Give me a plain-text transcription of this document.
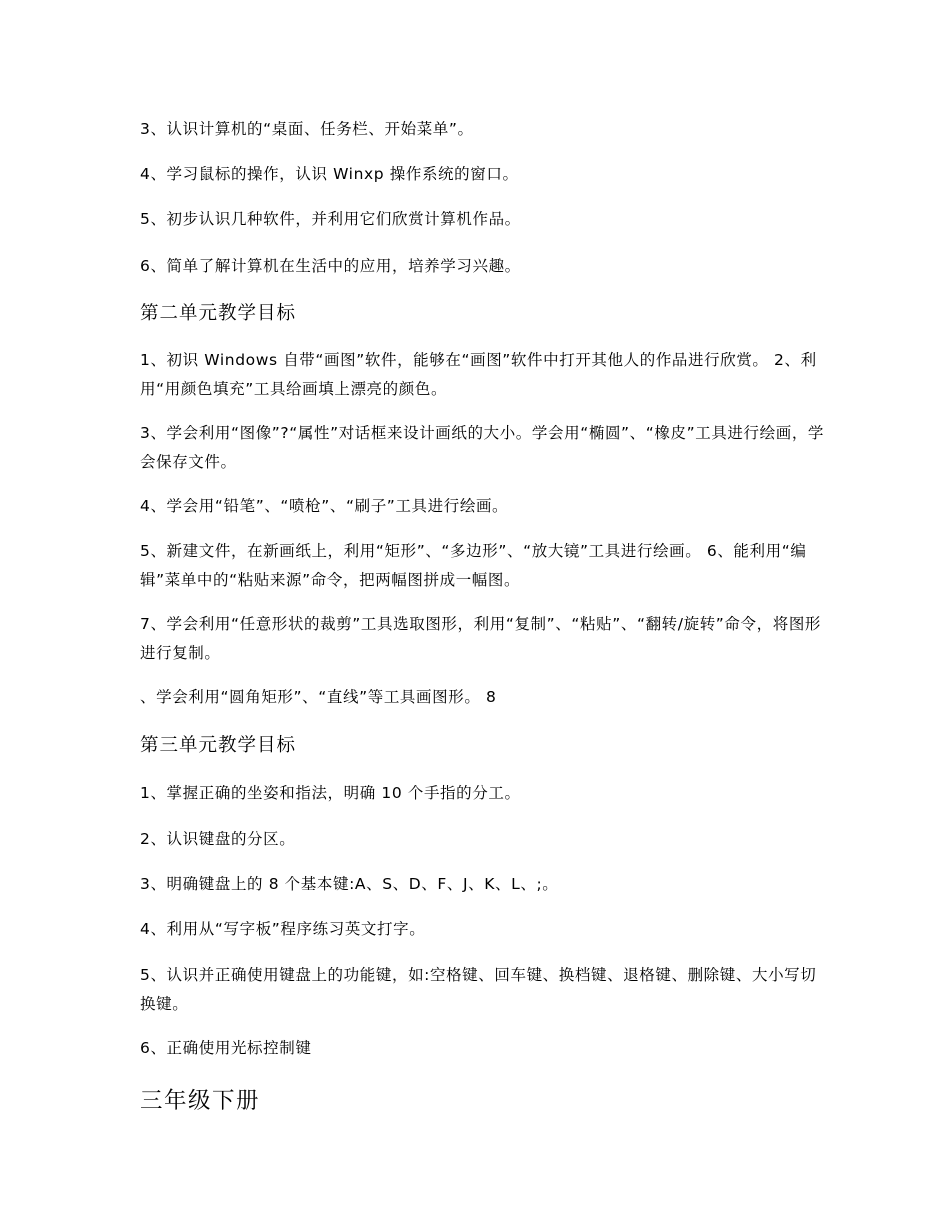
3、认识计算机的“桌面、任务栏、开始菜单”。

4、学习鼠标的操作，认识 Winxp 操作系统的窗口。

5、初步认识几种软件，并利用它们欣赏计算机作品。

6、简单了解计算机在生活中的应用，培养学习兴趣。

第二单元教学目标

1、初识 Windows 自带“画图”软件，能够在“画图”软件中打开其他人的作品进行欣赏。 2、利用“用颜色填充”工具给画填上漂亮的颜色。

3、学会利用“图像”?“属性”对话框来设计画纸的大小。学会用“椭圆”、“橡皮”工具进行绘画，学会保存文件。

4、学会用“铅笔”、“喷枪”、“刷子”工具进行绘画。

5、新建文件，在新画纸上，利用“矩形”、“多边形”、“放大镜”工具进行绘画。 6、能利用“编辑”菜单中的“粘贴来源”命令，把两幅图拼成一幅图。

7、学会利用“任意形状的裁剪”工具选取图形，利用“复制”、“粘贴”、“翻转/旋转”命令，将图形进行复制。

、学会利用“圆角矩形”、“直线”等工具画图形。 8

第三单元教学目标

1、掌握正确的坐姿和指法，明确 10 个手指的分工。

2、认识键盘的分区。

3、明确键盘上的 8 个基本键:A、S、D、F、J、K、L、;。

4、利用从“写字板”程序练习英文打字。

5、认识并正确使用键盘上的功能键，如:空格键、回车键、换档键、退格键、删除键、大小写切换键。

6、正确使用光标控制键

三年级下册
